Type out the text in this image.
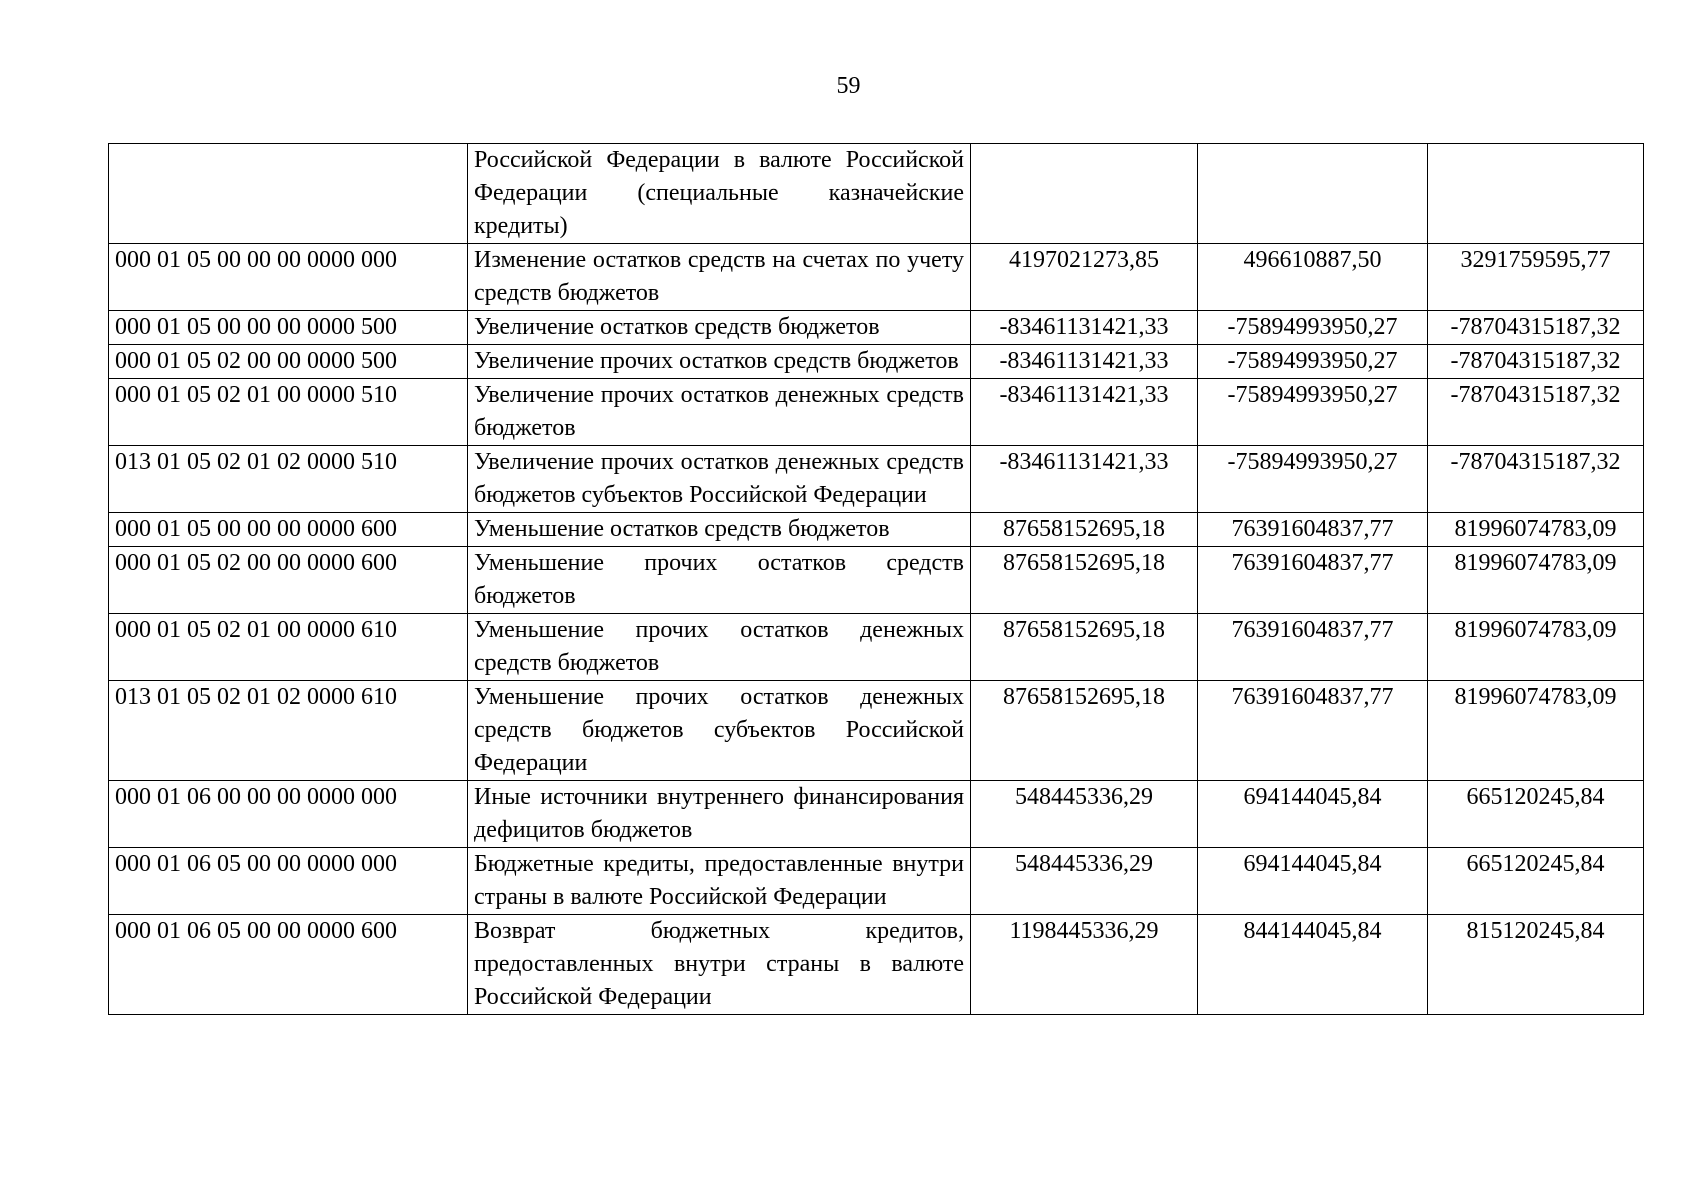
59
	Российской Федерации в валюте Российской Федерации (специальные казначейские кредиты)			
000 01 05 00 00 00 0000 000	Изменение остатков средств на счетах по учету средств бюджетов	4197021273,85	496610887,50	3291759595,77
000 01 05 00 00 00 0000 500	Увеличение остатков средств бюджетов	-83461131421,33	-75894993950,27	-78704315187,32
000 01 05 02 00 00 0000 500	Увеличение прочих остатков средств бюджетов	-83461131421,33	-75894993950,27	-78704315187,32
000 01 05 02 01 00 0000 510	Увеличение прочих остатков денежных средств бюджетов	-83461131421,33	-75894993950,27	-78704315187,32
013 01 05 02 01 02 0000 510	Увеличение прочих остатков денежных средств бюджетов субъектов Российской Федерации	-83461131421,33	-75894993950,27	-78704315187,32
000 01 05 00 00 00 0000 600	Уменьшение остатков средств бюджетов	87658152695,18	76391604837,77	81996074783,09
000 01 05 02 00 00 0000 600	Уменьшение прочих остатков средств бюджетов	87658152695,18	76391604837,77	81996074783,09
000 01 05 02 01 00 0000 610	Уменьшение прочих остатков денежных средств бюджетов	87658152695,18	76391604837,77	81996074783,09
013 01 05 02 01 02 0000 610	Уменьшение прочих остатков денежных средств бюджетов субъектов Российской Федерации	87658152695,18	76391604837,77	81996074783,09
000 01 06 00 00 00 0000 000	Иные источники внутреннего финансирования дефицитов бюджетов	548445336,29	694144045,84	665120245,84
000 01 06 05 00 00 0000 000	Бюджетные кредиты, предоставленные внутри страны в валюте Российской Федерации	548445336,29	694144045,84	665120245,84
000 01 06 05 00 00 0000 600	Возврат бюджетных кредитов, предоставленных внутри страны в валюте Российской Федерации	1198445336,29	844144045,84	815120245,84
